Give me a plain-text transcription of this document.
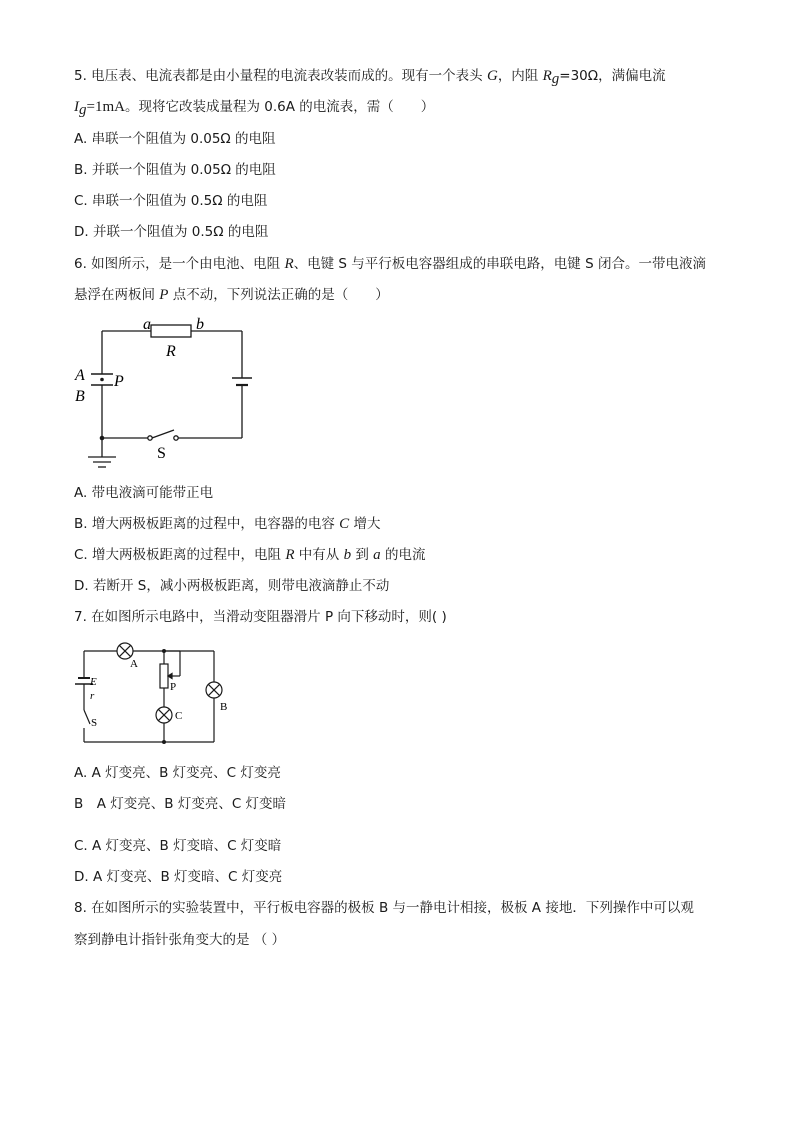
5. 电压表、电流表都是由小量程的电流表改装而成的。现有一个表头 G，内阻 $R_g=30\Omega$，满偏电流
$I_g=1mA$。现将它改装成量程为 0.6A 的电流表，需（　　）
A. 串联一个阻值为 0.05Ω 的电阻
B. 并联一个阻值为 0.05Ω 的电阻
C. 串联一个阻值为 0.5Ω 的电阻
D. 并联一个阻值为 0.5Ω 的电阻
6. 如图所示，是一个由电池、电阻 R、电键 S 与平行板电容器组成的串联电路，电键 S 闭合。一带电液滴
悬浮在两板间 P 点不动，下列说法正确的是（　　）
a	b
R
A P
B
S
A. 带电液滴可能带正电
B. 增大两极板距离的过程中，电容器的电容 C 增大
C. 增大两极板距离的过程中，电阻 R 中有从 b 到 a 的电流
D. 若断开 S，减小两极板距离，则带电液滴静止不动
7. 在如图所示电路中，当滑动变阻器滑片 P 向下移动时，则( )
A
B
C
E
r
P
S
A. A 灯变亮、B 灯变亮、C 灯变亮
B　A 灯变亮、B 灯变亮、C 灯变暗
C. A 灯变亮、B 灯变暗、C 灯变暗
D. A 灯变亮、B 灯变暗、C 灯变亮
8. 在如图所示的实验装置中，平行板电容器的极板 B 与一静电计相接，极板 A 接地．下列操作中可以观
察到静电计指针张角变大的是 （ ）
